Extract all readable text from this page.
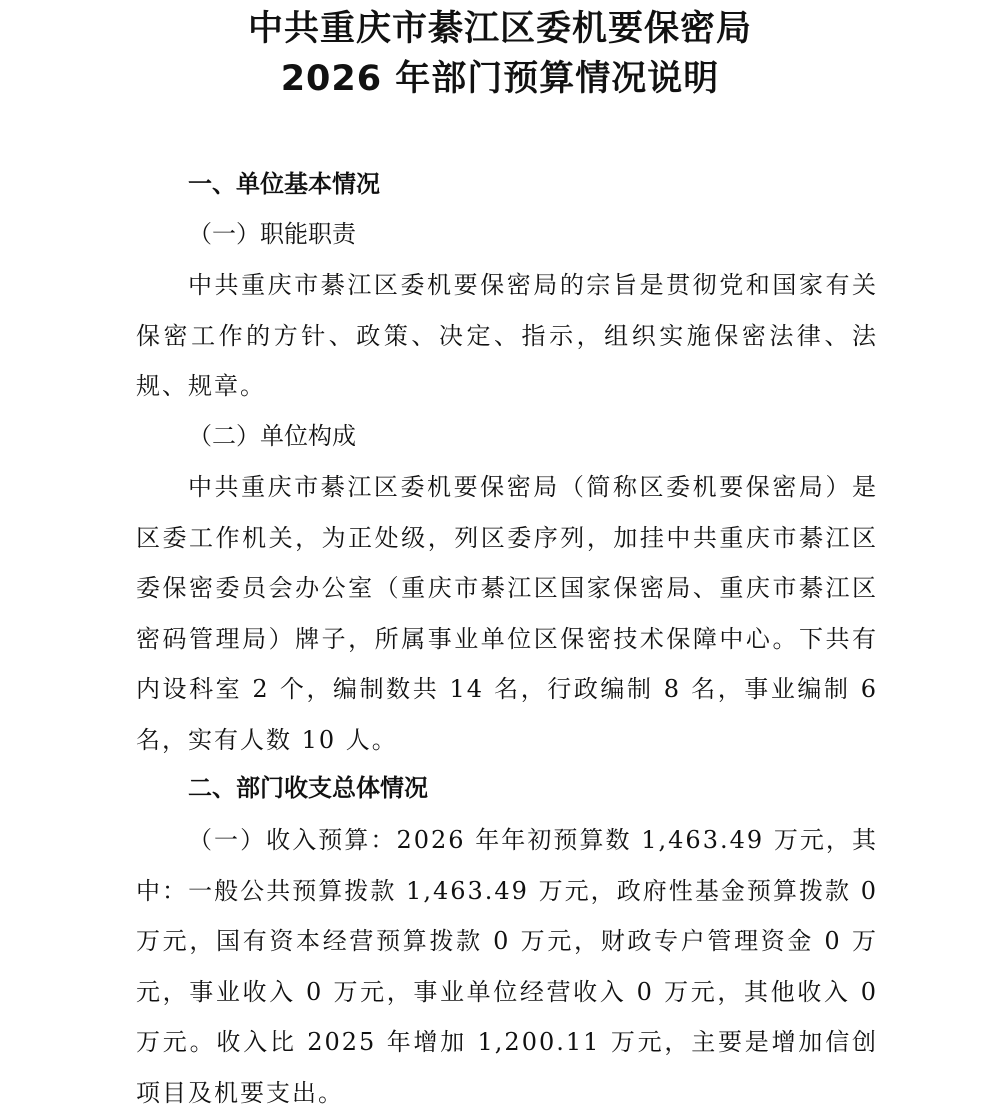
中共重庆市綦江区委机要保密局
2026 年部门预算情况说明
一、单位基本情况
（一）职能职责

中共重庆市綦江区委机要保密局的宗旨是贯彻党和国家有关保密工作的方针、政策、决定、指示，组织实施保密法律、法规、规章。

（二）单位构成

中共重庆市綦江区委机要保密局（简称区委机要保密局）是区委工作机关，为正处级，列区委序列，加挂中共重庆市綦江区委保密委员会办公室（重庆市綦江区国家保密局、重庆市綦江区密码管理局）牌子，所属事业单位区保密技术保障中心。下共有内设科室 2 个，编制数共 14 名，行政编制 8 名，事业编制 6 名，实有人数 10 人。

二、部门收支总体情况

（一）收入预算：2026 年年初预算数 1,463.49 万元，其中：一般公共预算拨款 1,463.49 万元，政府性基金预算拨款 0 万元，国有资本经营预算拨款 0 万元，财政专户管理资金 0 万元，事业收入 0 万元，事业单位经营收入 0 万元，其他收入 0 万元。收入比 2025 年增加 1,200.11 万元，主要是增加信创项目及机要支出。
